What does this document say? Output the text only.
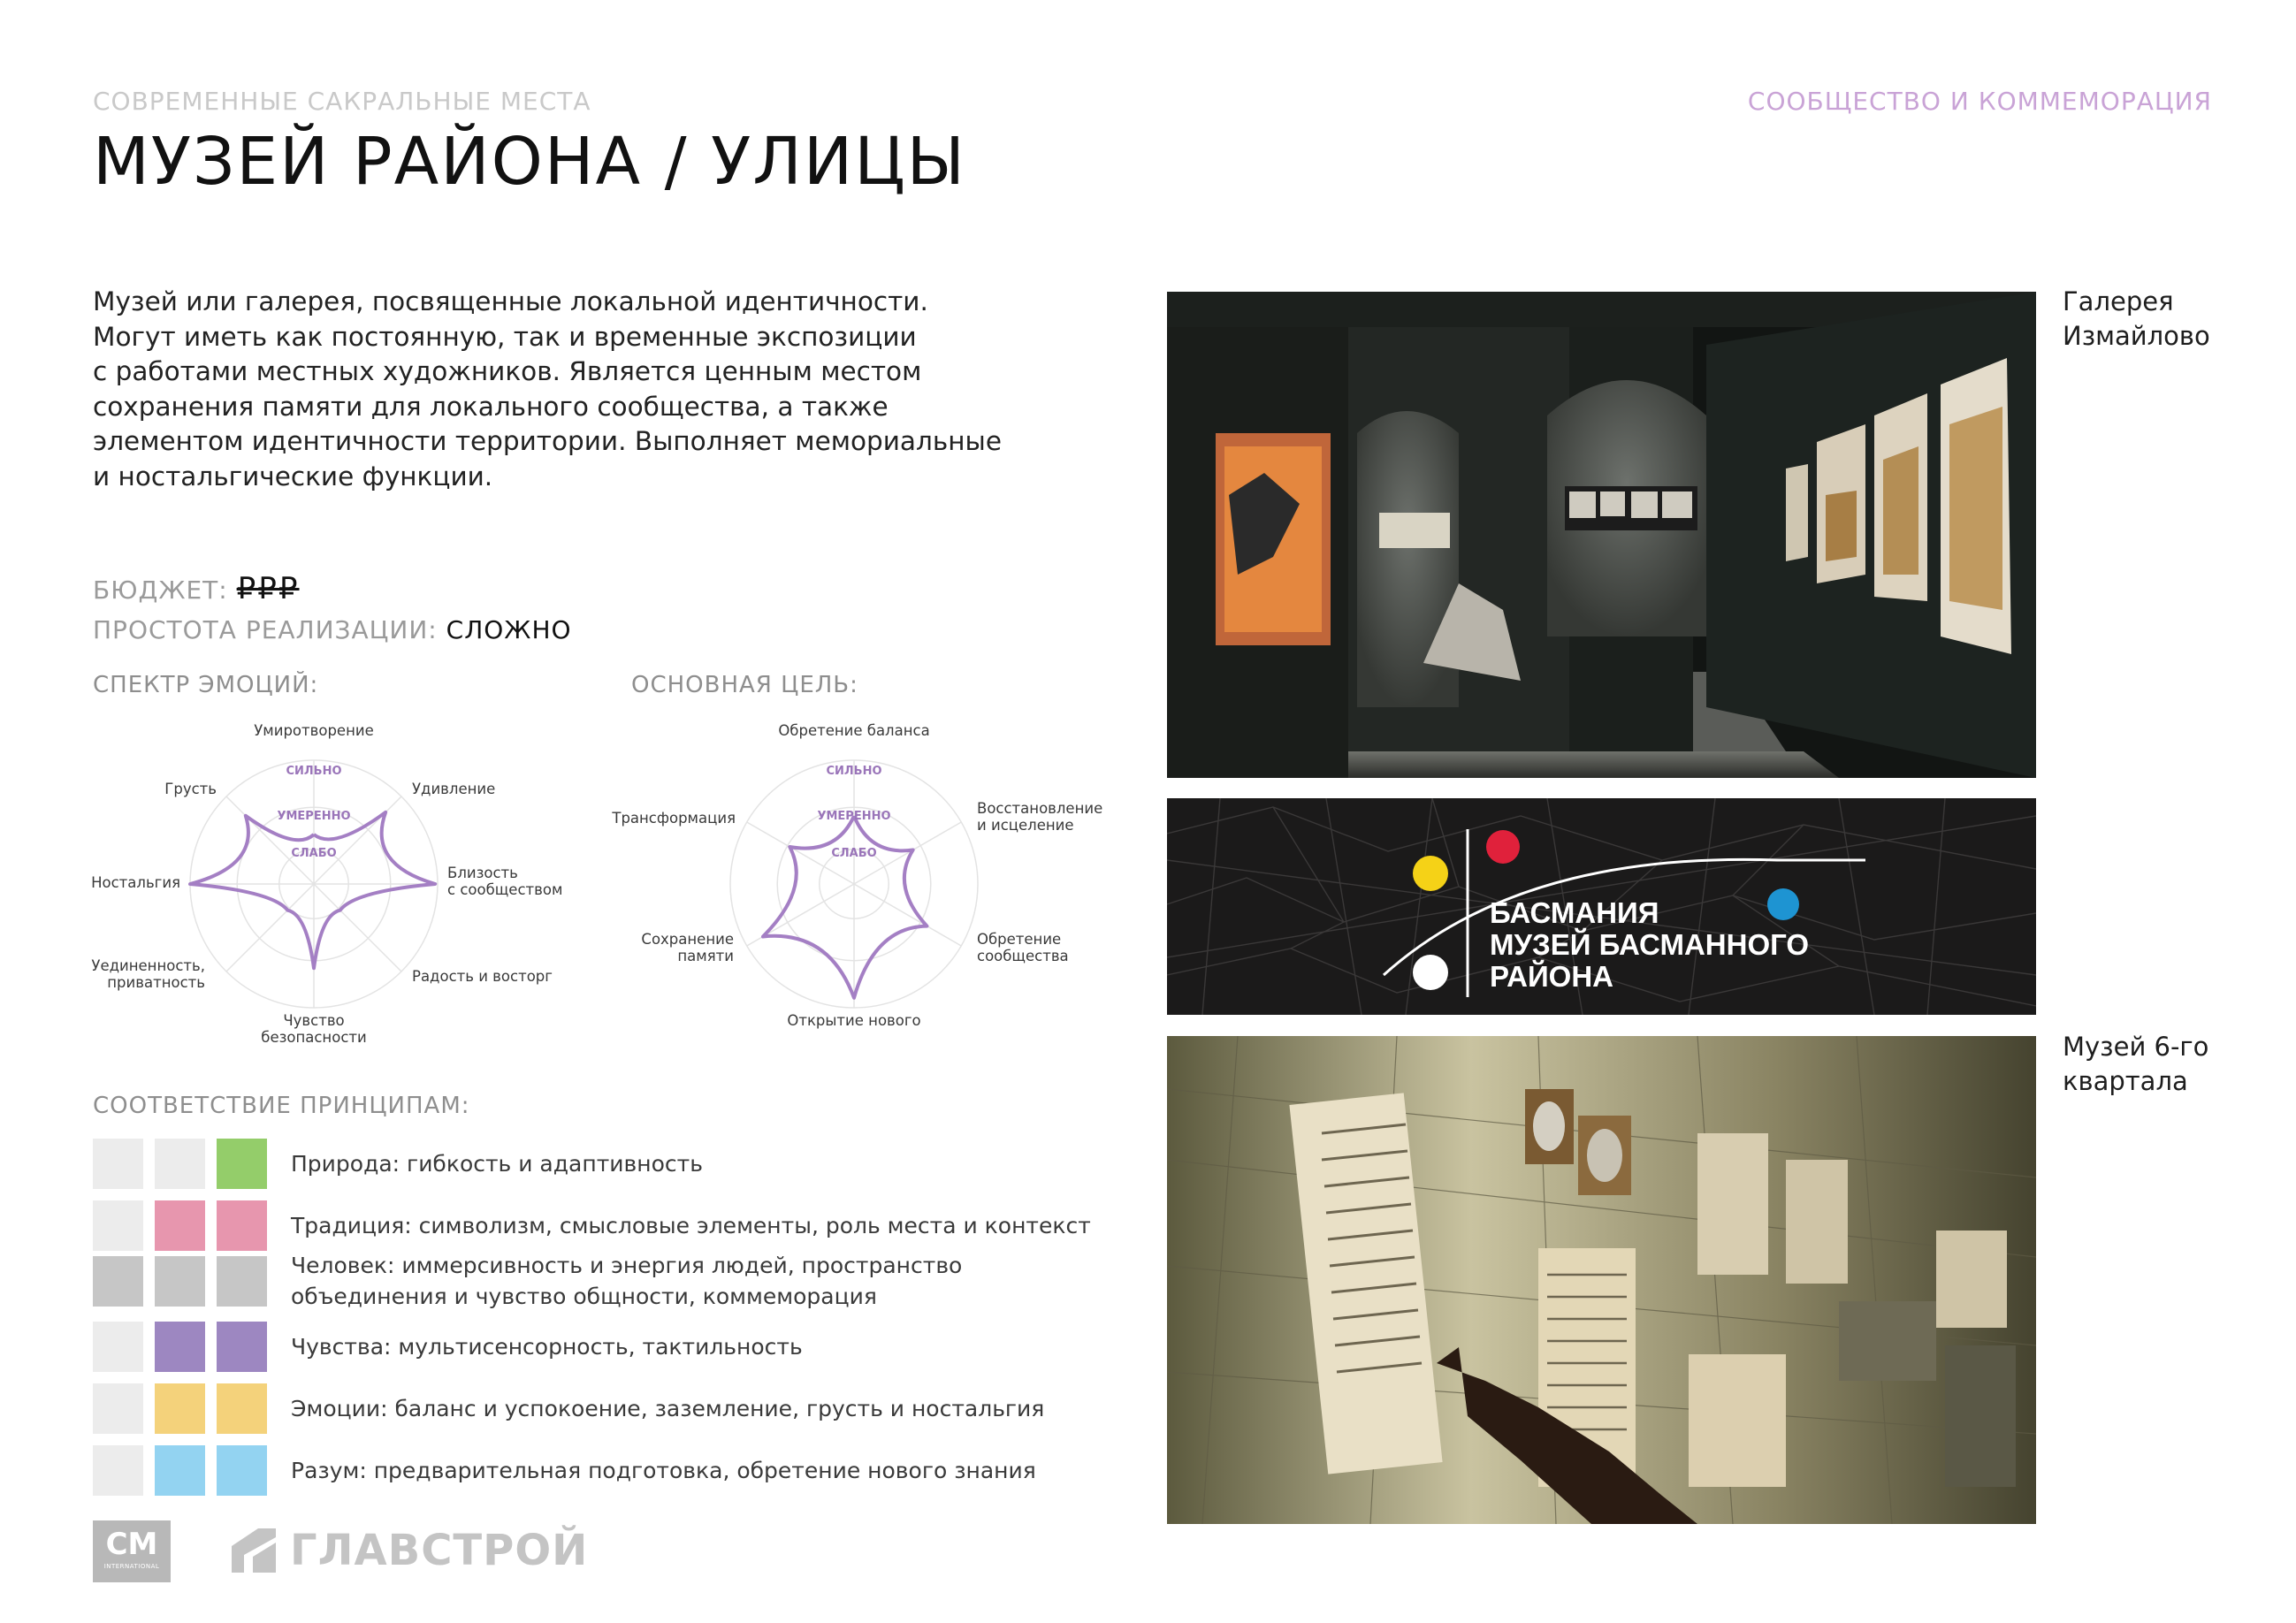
СОВРЕМЕННЫЕ САКРАЛЬНЫЕ МЕСТА	СООБЩЕСТВО И КОММЕМОРАЦИЯ
МУЗЕЙ РАЙОНА / УЛИЦЫ
Музей или галерея, посвященные локальной идентичности.
Могут иметь как постоянную, так и временные экспозиции
с работами местных художников. Является ценным местом
сохранения памяти для локального сообщества, а также
элементом идентичности территории. Выполняет мемориальные
и ностальгические функции.
БЮДЖЕТ: ₽₽₽
ПРОСТОТА РЕАЛИЗАЦИИ: СЛОЖНО
СПЕКТР ЭМОЦИЙ:	ОСНОВНАЯ ЦЕЛЬ:
СИЛЬНО
УМЕРЕННО
СЛАБО
Умиротворение
Удивление
Близость
с сообществом
Радость и восторг
Чувство
безопасности
Уединенность,
приватность
Ностальгия
Грусть
СИЛЬНО
УМЕРЕННО
СЛАБО
Обретение баланса
Восстановление
и исцеление
Обретение
сообщества
Открытие нового
Сохранение
памяти
Трансформация
СООТВЕТСТВИЕ ПРИНЦИПАМ:
Природа: гибкость и адаптивность
Традиция: символизм, смысловые элементы, роль места и контекст
Человек: иммерсивность и энергия людей, пространство
объединения и чувство общности, коммеморация
Чувства: мультисенсорность, тактильность
Эмоции: баланс и успокоение, заземление, грусть и ностальгия
Разум: предварительная подготовка, обретение нового знания
Галерея
Измайлово
БАСМАНИЯ
МУЗЕЙ БАСМАННОГО
РАЙОНА
Музей 6-го
квартала
CM
INTERNATIONAL	ГЛАВСТРОЙ
